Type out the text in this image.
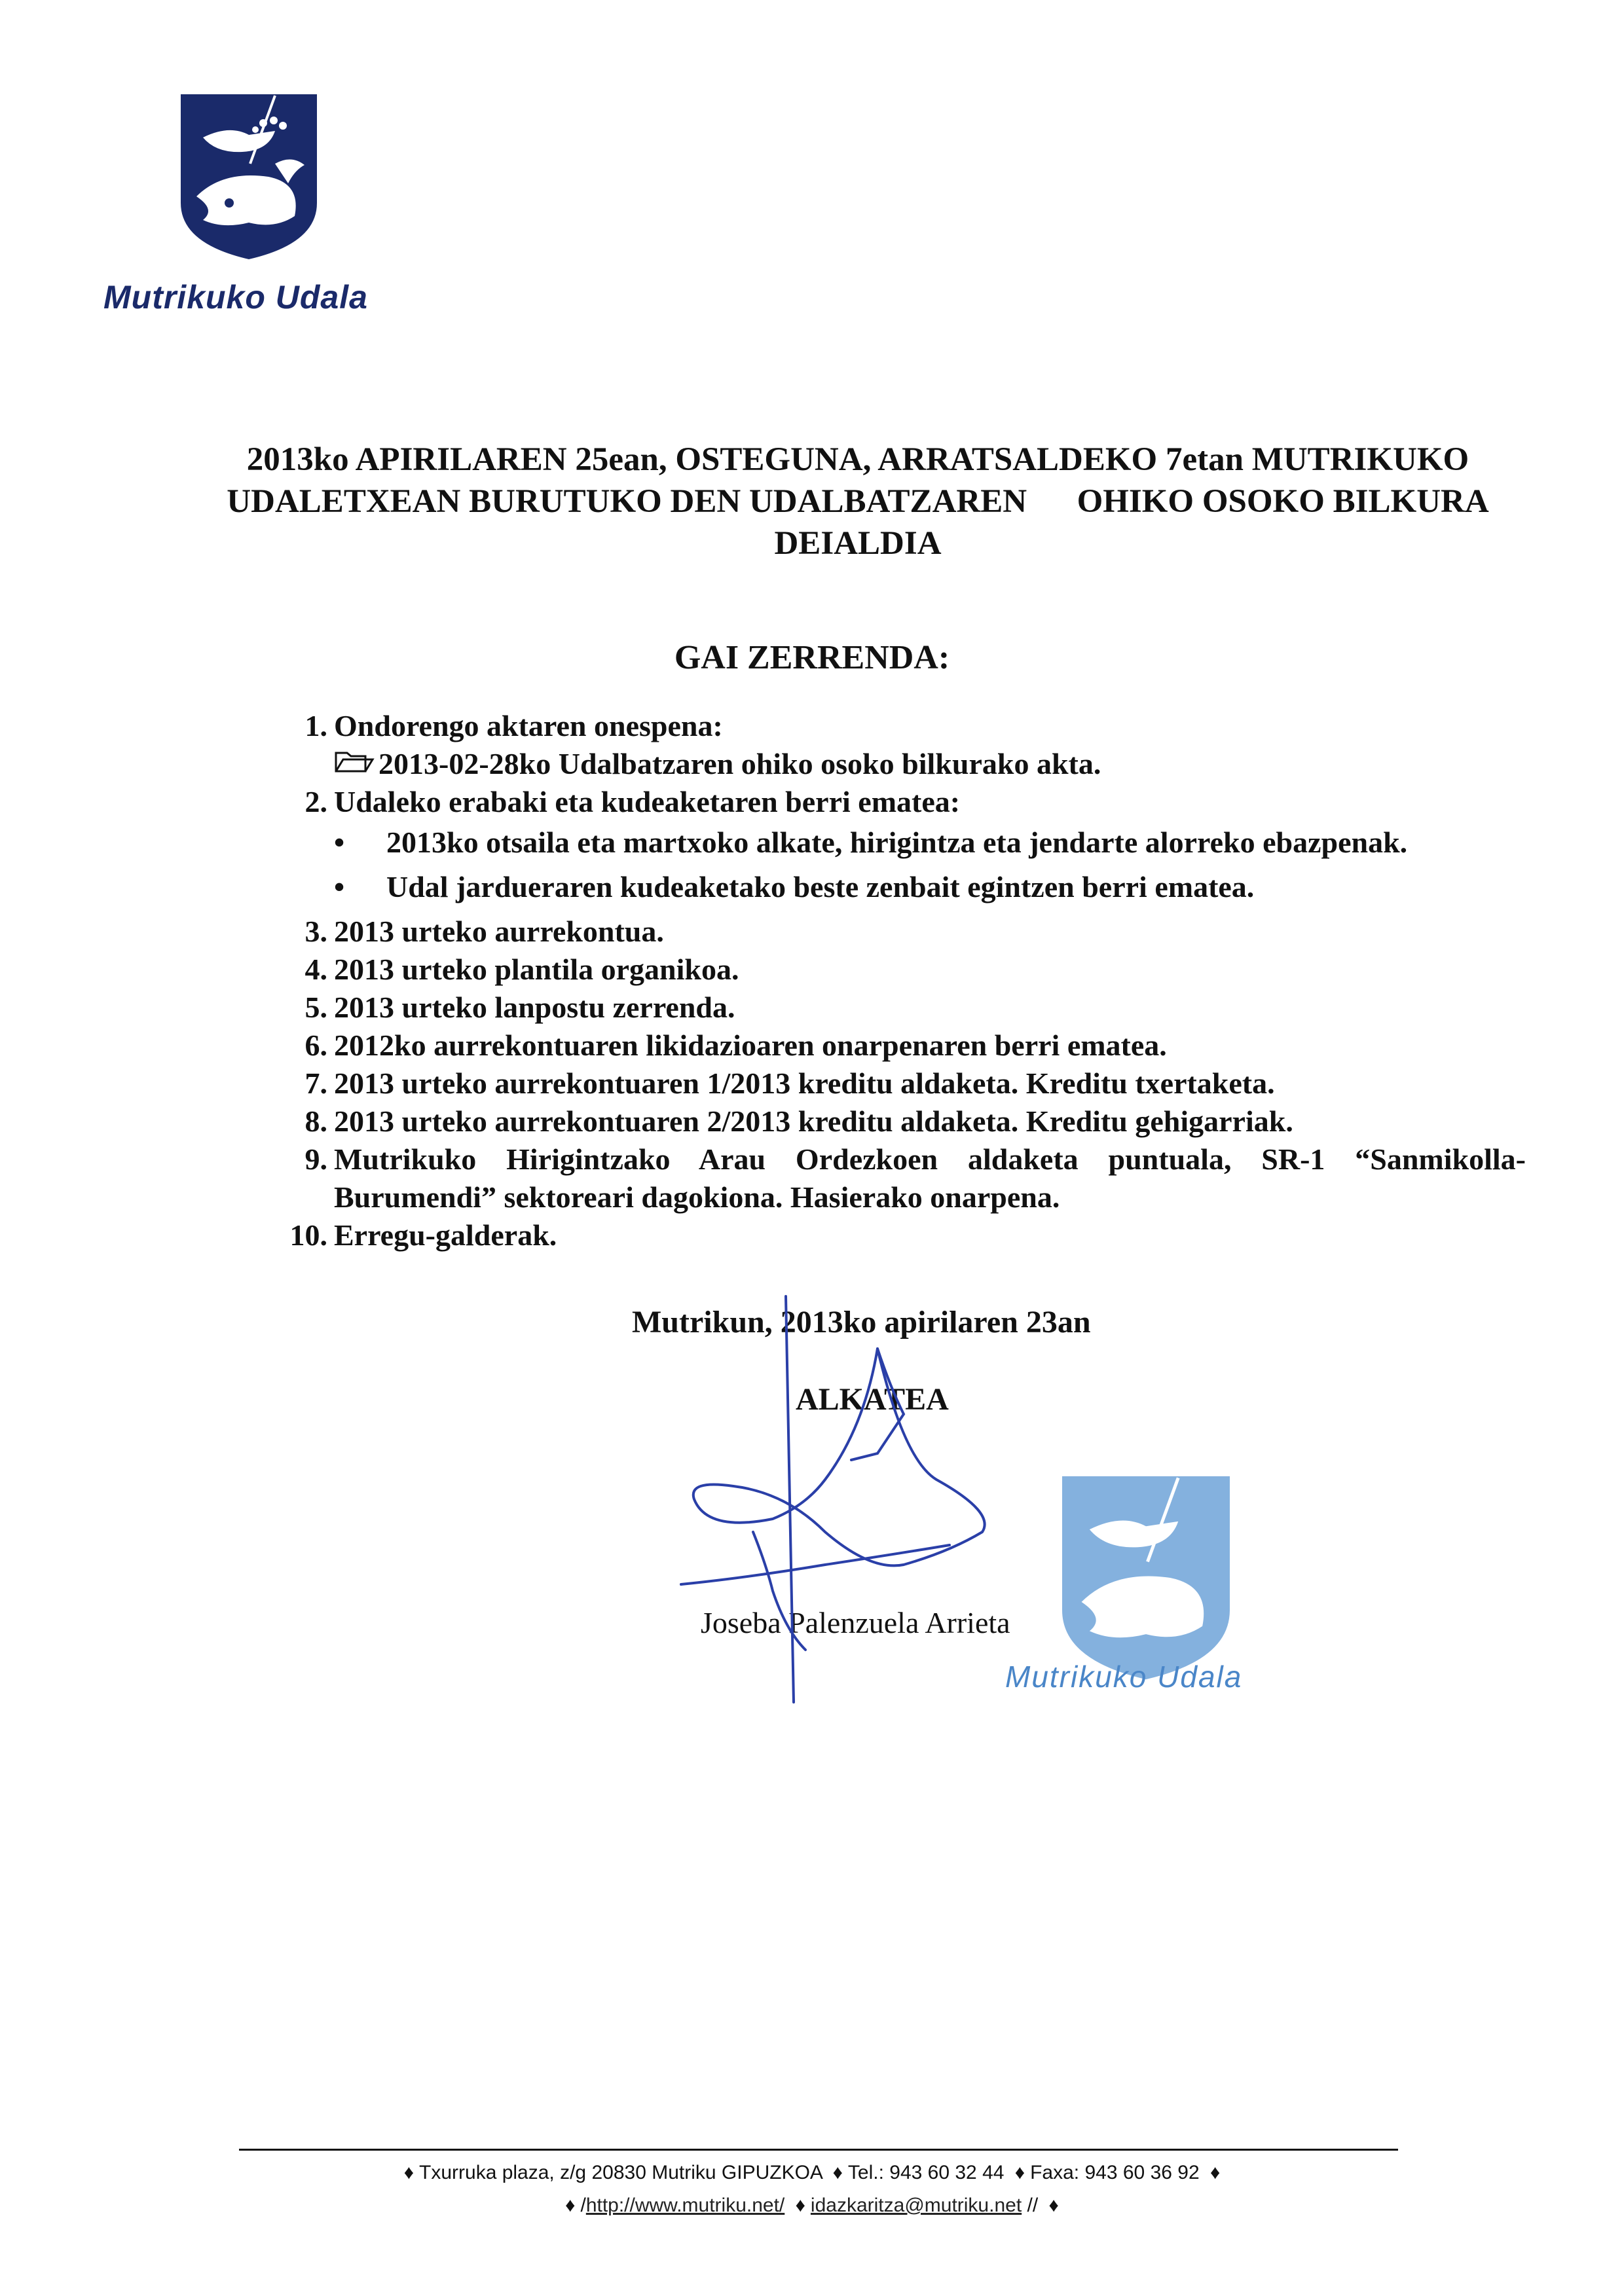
Mutrikuko Udala
2013ko APIRILAREN 25ean, OSTEGUNA, ARRATSALDEKO 7etan MUTRIKUKO
UDALETXEAN BURUTUKO DEN UDALBATZAREN      OHIKO OSOKO BILKURA
DEIALDIA
GAI ZERRENDA:
1. Ondorengo aktaren onespena:
2013-02-28ko Udalbatzaren ohiko osoko bilkurako akta.
2. Udaleko erabaki eta kudeaketaren berri ematea:
• 2013ko otsaila eta martxoko alkate, hirigintza eta jendarte alorreko ebazpenak.
• Udal jardueraren kudeaketako beste zenbait egintzen berri ematea.
3. 2013 urteko aurrekontua.
4. 2013 urteko plantila organikoa.
5. 2013 urteko lanpostu zerrenda.
6. 2012ko aurrekontuaren likidazioaren onarpenaren berri ematea.
7. 2013 urteko aurrekontuaren 1/2013 kreditu aldaketa. Kreditu txertaketa.
8. 2013 urteko aurrekontuaren 2/2013 kreditu aldaketa. Kreditu gehigarriak.
9. Mutrikuko Hirigintzako Arau Ordezkoen aldaketa puntuala, SR-1 “Sanmikolla-Burumendi” sektoreari dagokiona. Hasierako onarpena.
10. Erregu-galderak.
Mutrikun, 2013ko apirilaren 23an
ALKATEA
Joseba Palenzuela Arrieta
Mutrikuko Udala
♦ Txurruka plaza, z/g 20830 Mutriku GIPUZKOA ♦ Tel.: 943 60 32 44 ♦ Faxa: 943 60 36 92 ♦
♦ /http://www.mutriku.net/ ♦ idazkaritza@mutriku.net // ♦
